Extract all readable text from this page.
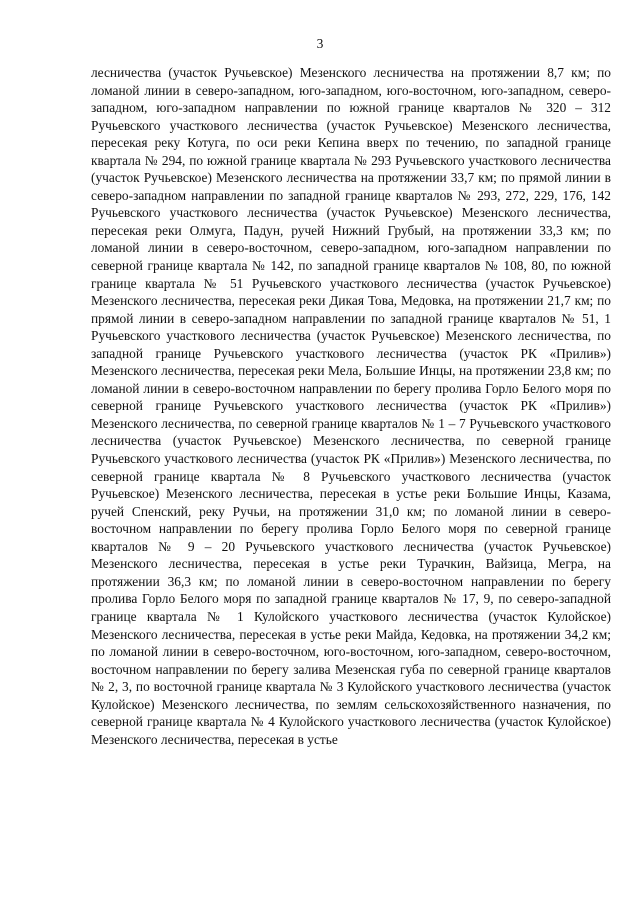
3

лесничества (участок Ручьевское) Мезенского лесничества на протяжении 8,7 км; по ломаной линии в северо-западном, юго-западном, юго-восточном, юго-западном, северо-западном, юго-западном направлении по южной границе кварталов № 320 – 312 Ручьевского участкового лесничества (участок Ручьевское) Мезенского лесничества, пересекая реку Котуга, по оси реки Кепина вверх по течению, по западной границе квартала № 294, по южной границе квартала № 293 Ручьевского участкового лесничества (участок Ручьевское) Мезенского лесничества на протяжении 33,7 км; по прямой линии в северо-западном направлении по западной границе кварталов № 293, 272, 229, 176, 142 Ручьевского участкового лесничества (участок Ручьевское) Мезенского лесничества, пересекая реки Олмуга, Падун, ручей Нижний Грубый, на протяжении 33,3 км; по ломаной линии в северо-восточном, северо-западном, юго-западном направлении по северной границе квартала № 142, по западной границе кварталов № 108, 80, по южной границе квартала № 51 Ручьевского участкового лесничества (участок Ручьевское) Мезенского лесничества, пересекая реки Дикая Това, Медовка, на протяжении 21,7 км; по прямой линии в северо-западном направлении по западной границе кварталов № 51, 1 Ручьевского участкового лесничества (участок Ручьевское) Мезенского лесничества, по западной границе Ручьевского участкового лесничества (участок РК «Прилив») Мезенского лесничества, пересекая реки Мела, Большие Инцы, на протяжении 23,8 км; по ломаной линии в северо-восточном направлении по берегу пролива Горло Белого моря по северной границе Ручьевского участкового лесничества (участок РК «Прилив») Мезенского лесничества, по северной границе кварталов № 1 – 7 Ручьевского участкового лесничества (участок Ручьевское) Мезенского лесничества, по северной границе Ручьевского участкового лесничества (участок РК «Прилив») Мезенского лесничества, по северной границе квартала № 8 Ручьевского участкового лесничества (участок Ручьевское) Мезенского лесничества, пересекая в устье реки Большие Инцы, Казама, ручей Спенский, реку Ручьи, на протяжении 31,0 км; по ломаной линии в северо-восточном направлении по берегу пролива Горло Белого моря по северной границе кварталов № 9 – 20 Ручьевского участкового лесничества (участок Ручьевское) Мезенского лесничества, пересекая в устье реки Турачкин, Вайзица, Мегра, на протяжении 36,3 км; по ломаной линии в северо-восточном направлении по берегу пролива Горло Белого моря по западной границе кварталов № 17, 9, по северо-западной границе квартала № 1 Кулойского участкового лесничества (участок Кулойское) Мезенского лесничества, пересекая в устье реки Майда, Кедовка, на протяжении 34,2 км; по ломаной линии в северо-восточном, юго-восточном, юго-западном, северо-восточном, восточном направлении по берегу залива Мезенская губа по северной границе кварталов № 2, 3, по восточной границе квартала № 3 Кулойского участкового лесничества (участок Кулойское) Мезенского лесничества, по землям сельскохозяйственного назначения, по северной границе квартала № 4 Кулойского участкового лесничества (участок Кулойское) Мезенского лесничества, пересекая в устье
